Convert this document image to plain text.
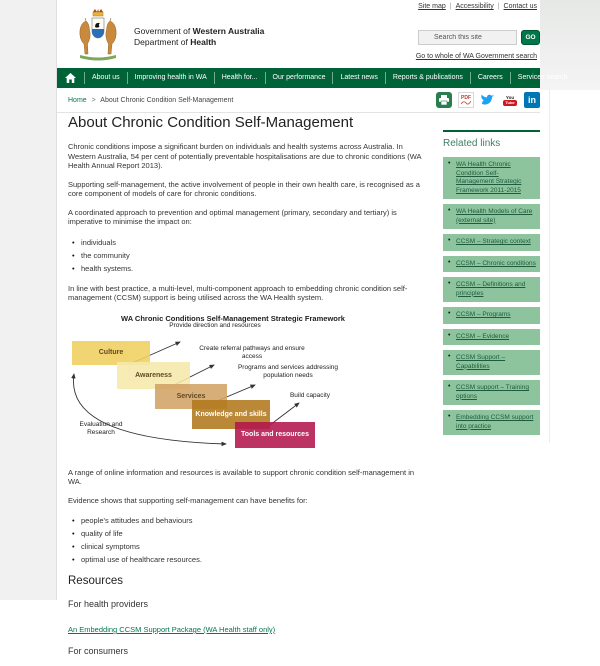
Site map | Accessibility | Contact us
Government of Western Australia
Department of Health
Search this site	GO
Go to whole of WA Government search
About us	Improving health in WA	Health for...	Our performance	Latest news	Reports & publications	Careers	Services search
Home > About Chronic Condition Self-Management	PDF	You
Tube in
About Chronic Condition Self-Management

Chronic conditions impose a significant burden on individuals and health systems across Australia. In Western Australia, 54 per cent of potentially preventable hospitalisations are due to chronic conditions (WA Health Annual Report 2013).

Supporting self-management, the active involvement of people in their own health care, is recognised as a core component of models of care for chronic conditions.

A coordinated approach to prevention and optimal management (primary, secondary and tertiary) is imperative to minimise the impact on:

• individuals
• the community
• health systems.

In line with best practice, a multi-level, multi-component approach to embedding chronic condition self-management (CCSM) support is being utilised across the WA Health system.

WA Chronic Conditions Self-Management Strategic Framework
Culture
Awareness
Services
Knowledge and skills
Tools and resources
Provide direction and resources
Create referral pathways and ensure access
Programs and services addressing population needs
Build capacity
Evaluation and Research

A range of online information and resources is available to support chronic condition self-management in WA.

Evidence shows that supporting self-management can have benefits for:

• people's attitudes and behaviours
• quality of life
• clinical symptoms
• optimal use of healthcare resources.
Resources
For health providers
An Embedding CCSM Support Package (WA Health staff only)
For consumers
Related links
• WA Health Chronic Condition Self-Management Strategic Framework 2011-2015
• WA Health Models of Care (external site)
• CCSM – Strategic context
• CCSM – Chronic conditions
• CCSM – Definitions and principles
• CCSM – Programs
• CCSM – Evidence
• CCSM Support – Capabilities
• CCSM support – Training options
• Embedding CCSM support into practice
